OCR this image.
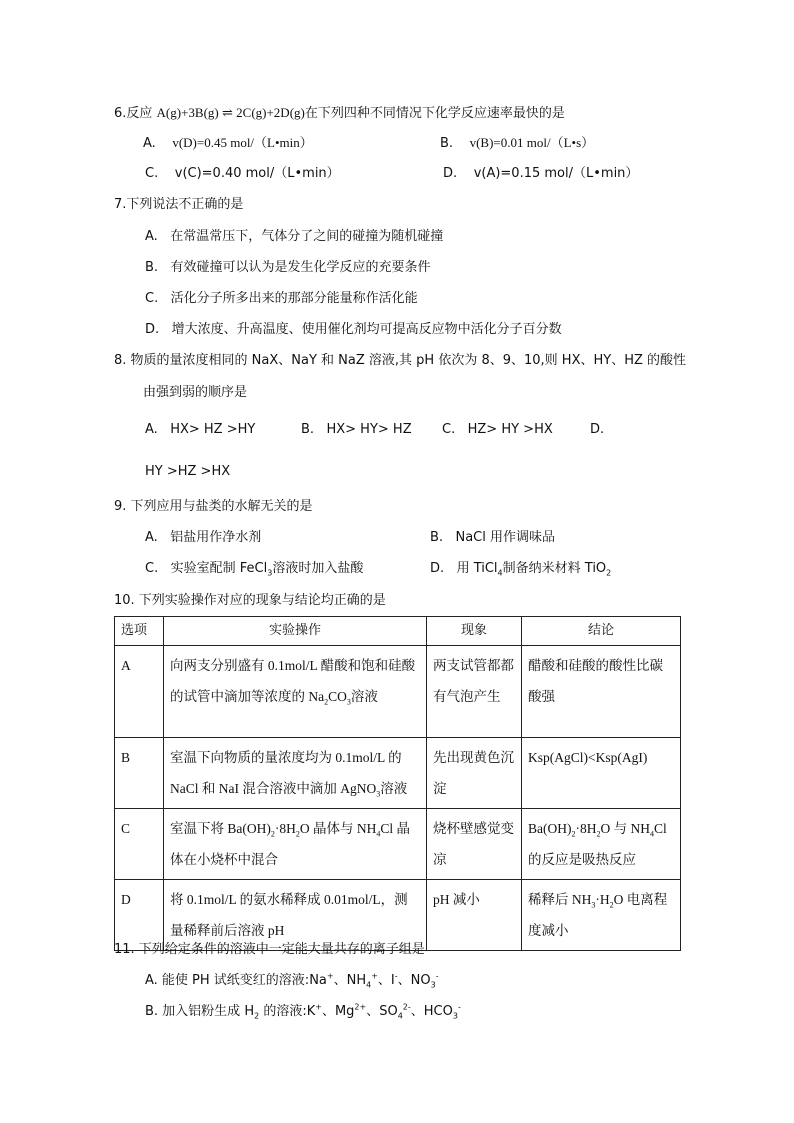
6.反应 A(g)+3B(g) ⇌ 2C(g)+2D(g)在下列四种不同情况下化学反应速率最快的是
A. v(D)=0.45 mol/（L•min）	B. v(B)=0.01 mol/（L•s）
C. v(C)=0.40 mol/（L•min）	D. v(A)=0.15 mol/（L•min）
7.下列说法不正确的是
A. 在常温常压下，气体分了之间的碰撞为随机碰撞
B. 有效碰撞可以认为是发生化学反应的充要条件
C. 活化分子所多出来的那部分能量称作活化能
D. 增大浓度、升高温度、使用催化剂均可提高反应物中活化分子百分数
8. 物质的量浓度相同的 NaX、NaY 和 NaZ 溶液,其 pH 依次为 8、9、10,则 HX、HY、HZ 的酸性
由强到弱的顺序是
A. HX> HZ >HY	B. HX> HY> HZ C. HZ> HY >HX	D.
HY >HZ >HX
9. 下列应用与盐类的水解无关的是
A. 铝盐用作净水剂	B. NaCl 用作调味品
C. 实验室配制 FeCl$_3$溶液时加入盐酸	D. 用 TiCl$_4$制备纳米材料 TiO$_2$
10. 下列实验操作对应的现象与结论均正确的是
选项	实验操作	现象	结论
A	向两支分别盛有 0.1mol/L 醋酸和饱和硅酸的试管中滴加等浓度的 $Na_2CO_3$溶液	两支试管都都有气泡产生	醋酸和硅酸的酸性比碳酸强
B	室温下向物质的量浓度均为 0.1mol/L 的 NaCl 和 NaI 混合溶液中滴加 AgNO$_3$溶液	先出现黄色沉淀	Ksp(AgCl)<Ksp(AgI)
C	室温下将 $Ba(OH)_2\cdot 8H_2O$ 晶体与 $NH_4Cl$ 晶体在小烧杯中混合	烧杯壁感觉变凉	$Ba(OH)_2\cdot 8H_2O$ 与 $NH_4Cl$ 的反应是吸热反应
D	将 0.1mol/L 的氨水稀释成 0.01mol/L，测量稀释前后溶液 pH	pH 减小	稀释后 $NH_3\cdot H_2O$ 电离程度减小
11. 下列给定条件的溶液中一定能大量共存的离子组是
A. 能使 PH 试纸变红的溶液:Na+、$NH_4^+$、I-、$NO_3^-$
B. 加入铝粉生成 $H_2$ 的溶液:K+、$Mg^{2+}$、$SO_4^{2-}$、$HCO_3^-$
